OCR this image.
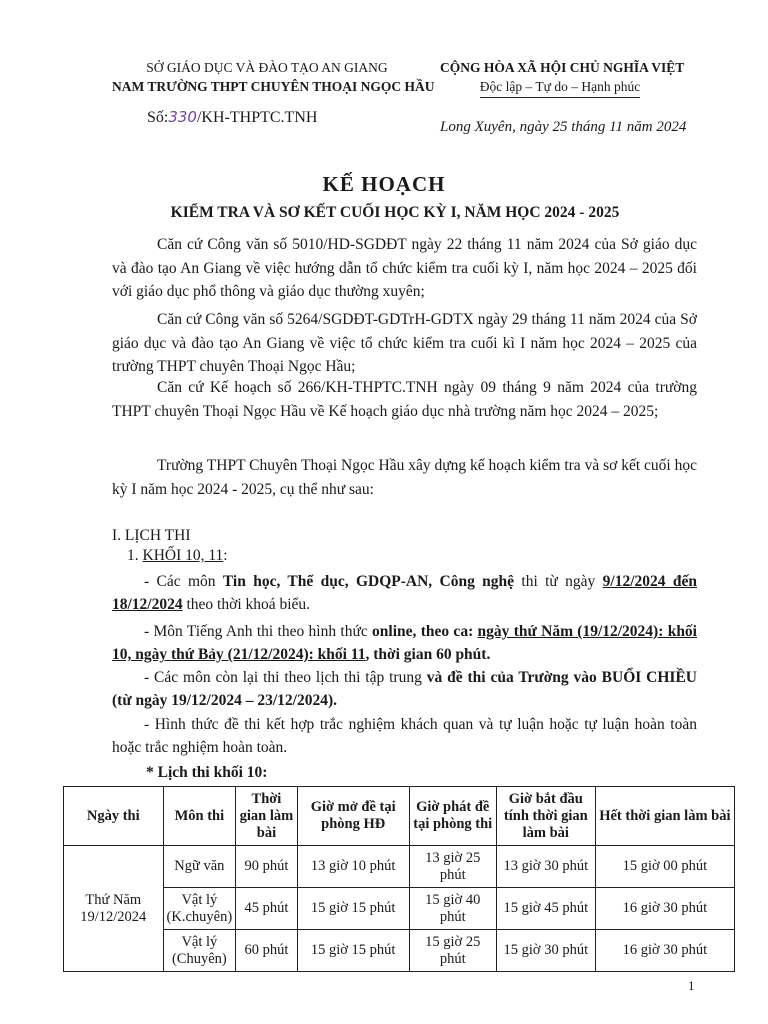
SỞ GIÁO DỤC VÀ ĐÀO TẠO AN GIANG
NAM TRƯỜNG THPT CHUYÊN THOẠI NGỌC HẦU
CỘNG HÒA XÃ HỘI CHỦ NGHĨA VIỆT
Độc lập – Tự do – Hạnh phúc
Số:330/KH-THPTC.TNH
Long Xuyên, ngày 25 tháng 11 năm 2024
KẾ HOẠCH
KIỂM TRA VÀ SƠ KẾT CUỐI HỌC KỲ I, NĂM HỌC 2024 - 2025
Căn cứ Công văn số 5010/HD-SGDĐT ngày 22 tháng 11 năm 2024 của Sở giáo dục và đào tạo An Giang về việc hướng dẫn tổ chức kiểm tra cuối kỳ I, năm học 2024 – 2025 đối với giáo dục phổ thông và giáo dục thường xuyên;
Căn cứ Công văn số 5264/SGDĐT-GDTrH-GDTX ngày 29 tháng 11 năm 2024 của Sở giáo dục và đào tạo An Giang về việc tổ chức kiểm tra cuối kì I năm học 2024 – 2025 của trường THPT chuyên Thoại Ngọc Hầu;
Căn cứ Kế hoạch số 266/KH-THPTC.TNH ngày 09 tháng 9 năm 2024 của trường THPT chuyên Thoại Ngọc Hầu về Kế hoạch giáo dục nhà trường năm học 2024 – 2025;
Trường THPT Chuyên Thoại Ngọc Hầu xây dựng kế hoạch kiểm tra và sơ kết cuối học kỳ I năm học 2024 - 2025, cụ thể như sau:
I. LỊCH THI
1. KHỐI 10, 11:
- Các môn Tin học, Thể dục, GDQP-AN, Công nghệ thi từ ngày 9/12/2024 đến 18/12/2024 theo thời khoá biểu.
- Môn Tiếng Anh thi theo hình thức online, theo ca: ngày thứ Năm (19/12/2024): khối 10, ngày thứ Bảy (21/12/2024): khối 11, thời gian 60 phút.
- Các môn còn lại thi theo lịch thi tập trung và đề thi của Trường vào BUỔI CHIỀU (từ ngày 19/12/2024 – 23/12/2024).
- Hình thức đề thi kết hợp trắc nghiệm khách quan và tự luận hoặc tự luận hoàn toàn hoặc trắc nghiệm hoàn toàn.
* Lịch thi khối 10:
Ngày thi	Môn thi	Thời gian làm bài	Giờ mở đề tại phòng HĐ	Giờ phát đề tại phòng thi	Giờ bắt đầu tính thời gian làm bài	Hết thời gian làm bài
Thứ Năm 19/12/2024	Ngữ văn	90 phút	13 giờ 10 phút	13 giờ 25 phút	13 giờ 30 phút	15 giờ 00 phút
	Vật lý (K.chuyên)	45 phút	15 giờ 15 phút	15 giờ 40 phút	15 giờ 45 phút	16 giờ 30 phút
	Vật lý (Chuyên)	60 phút	15 giờ 15 phút	15 giờ 25 phút	15 giờ 30 phút	16 giờ 30 phút
1
